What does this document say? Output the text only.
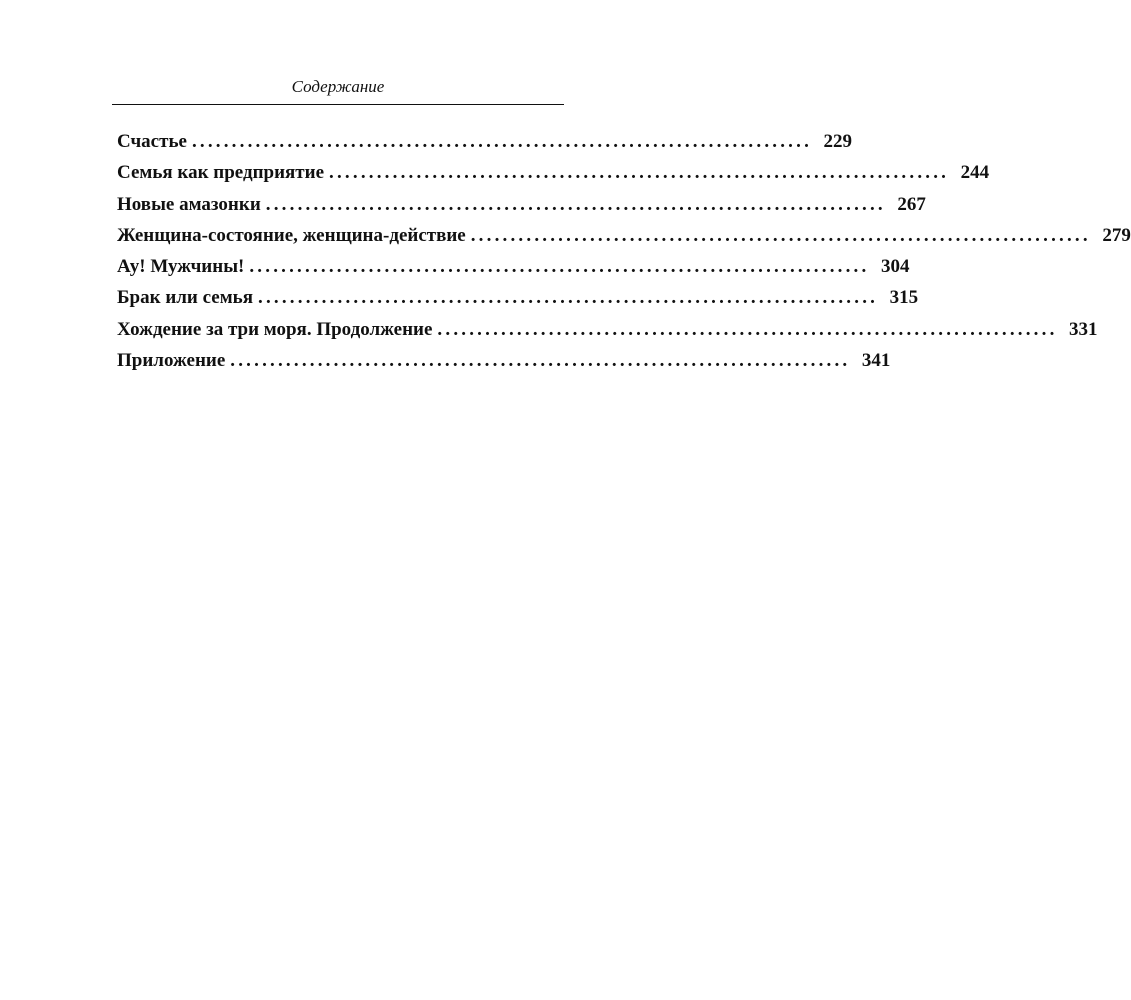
Содержание
Счастье .............................................................................. 229
Семья как предприятие .............................................................................. 244
Новые амазонки .............................................................................. 267
Женщина-состояние, женщина-действие .............................................................................. 279
Ау! Мужчины! .............................................................................. 304
Брак или семья .............................................................................. 315
Хождение за три моря. Продолжение .............................................................................. 331
Приложение .............................................................................. 341
